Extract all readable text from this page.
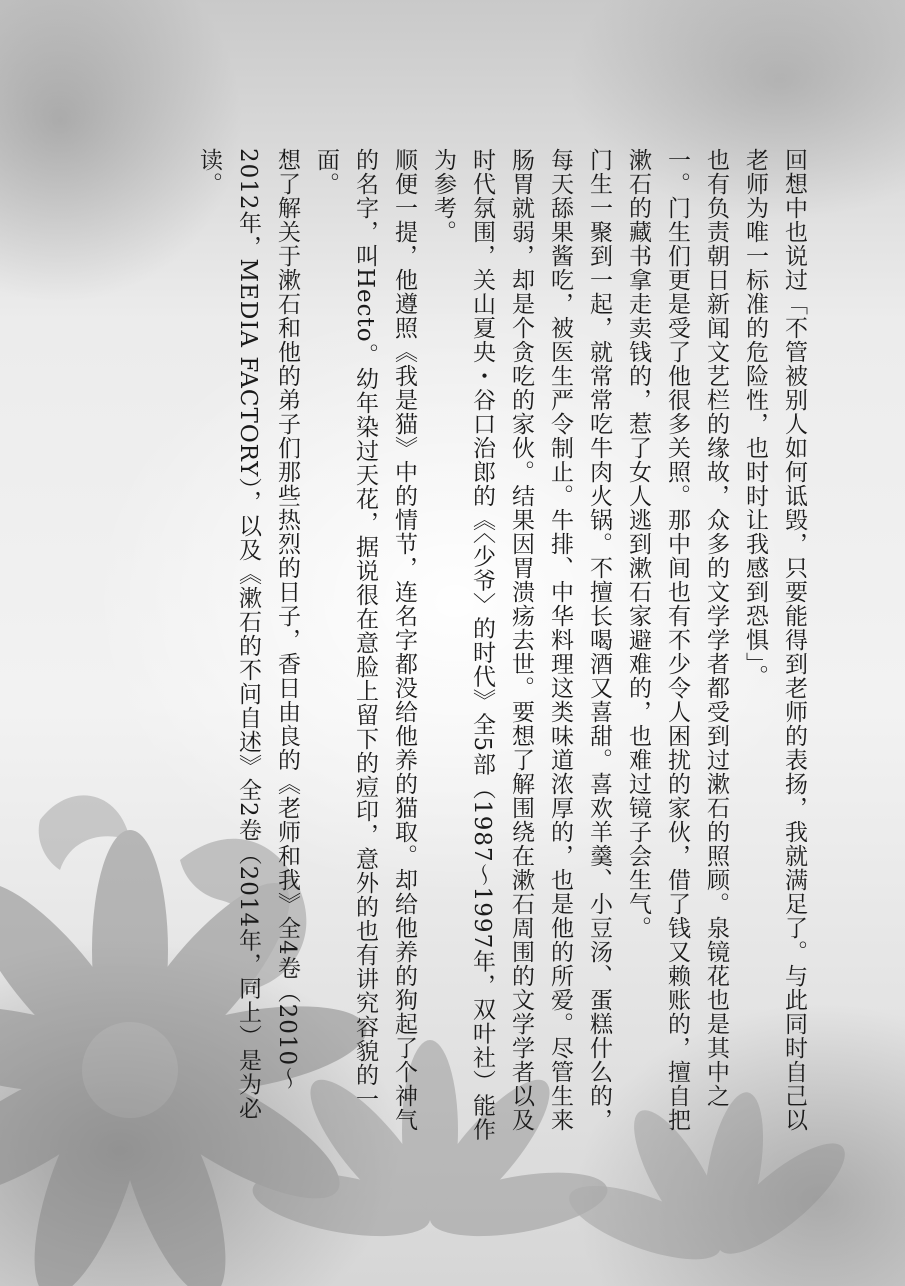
回想中也说过「不管被别人如何诋毁，只要能得到老师的表扬，我就满足了。与此同时自己以老师为唯一标准的危险性，也时时让我感到恐惧」。

也有负责朝日新闻文艺栏的缘故，众多的文学学者都受到过漱石的照顾。泉镜花也是其中之一。门生们更是受了他很多关照。那中间也有不少令人困扰的家伙，借了钱又赖账的，擅自把漱石的藏书拿走卖钱的，惹了女人逃到漱石家避难的，也难过镜子会生气。

门生一聚到一起，就常常吃牛肉火锅。不擅长喝酒又喜甜。喜欢羊羹、小豆汤、蛋糕什么的，每天舔果酱吃，被医生严令制止。牛排、中华料理这类味道浓厚的，也是他的所爱。尽管生来肠胃就弱，却是个贪吃的家伙。结果因胃溃疡去世。要想了解围绕在漱石周围的文学学者以及时代氛围，关山夏央・谷口治郎的《〈少爷〉的时代》全5部（1987～1997年，双叶社）能作为参考。

顺便一提，他遵照《我是猫》中的情节，连名字都没给他养的猫取。却给他养的狗起了个神气的名字，叫Hecto。幼年染过天花，据说很在意脸上留下的痘印，意外的也有讲究容貌的一面。

想了解关于漱石和他的弟子们那些热烈的日子，香日由良的《老师和我》全4卷（2010～2012年，MEDIA FACTORY），以及《漱石的不问自述》全2卷（2014年，同上）是为必读。
